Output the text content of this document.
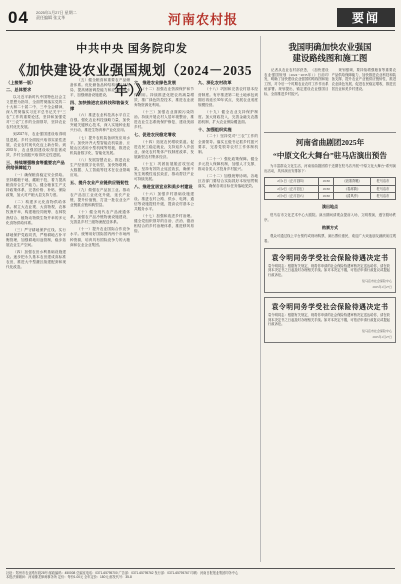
04 2025年1月27日 星期二
责任编辑 张文华	河南农村报	要闻
中共中央 国务院印发
《加快建设农业强国规划（2024－2035年）》
（上接第一版）
二、总体要求

以习近平新时代中国特色社会主义思想为指导，全面贯彻落实党的二十大和二十届二中、三中全会精神，深入贯彻落实习近平总书记关于“三农”工作的重要论述，坚持和加强党对“三农”工作的全面领导，坚持农业农村优先发展。

到2027年，农业强国建设取得明显进展。乡村全面振兴取得实质性进展，农业农村现代化迈上新台阶。到2035年，农业强国建设取得显著成效，乡村全面振兴取得决定性进展。

三、持续增强粮食等重要农产品供给保障能力

（一）确保粮食稳定安全供给。坚持藏粮于地、藏粮于技，着力提高粮食综合生产能力。健全粮食生产支持政策体系，完善价格、补贴、保险政策，加大对产粮大县支持力度。

（二）构建多元化食物供给体系。树立大农业观、大食物观，农林牧渔并举，构建粮经饲统筹、农林牧渔结合、植物动物微生物并举的多元化食物供给体系。

（三）严守耕地保护红线。实行耕地保护党政同责，严格耕地占补平衡管理，加强耕地用途管制，稳步拓展农业生产空间。

（四）加强农田水利基础设施建设。逐步把永久基本农田建成高标准农田，推进大中型灌区续建配套和现代化改造。

（五）健全粮食和重要农产品储备体系。优化储备品种结构和区域布局，提高储备调控能力和应急保障水平，加强储备设施建设。

四、加快推进农业科技和装备支撑

（六）推进农业科技高水平自立自强。强化农业科技战略力量，加快突破关键核心技术，深入实施种业振兴行动，推进生物育种产业化应用。

（七）提升农机装备研发应用水平。加快补齐大型智能农机装备、丘陵山区适用小型机械等短板，推进农机装备数字化、智能化发展。

（八）发展智慧农业。推进农业生产经营数字化转型，加快物联网、大数据、人工智能等技术在农业领域应用。

五、提升农业产业链供应链韧性

（九）做强农产品加工业。推动农产品加工业优化升级，延长产业链，提升价值链，打造一批农业全产业链重点链和典型县。

（十）健全现代农产品流通体系。加强农产品冷链物流设施建设，完善县乡村三级物流配送体系。

（十一）提升农业国际合作竞争水平。统筹用好国际国内两个市场两种资源，培育具有国际竞争力的大粮商和农业企业集团。

六、推进农业绿色发展

（十二）加强农业资源保护和节约利用。持续推进化肥农药减量增效，推广绿色防控技术，推进农业废弃物资源化利用。

（十三）加强农业面源污染防治。持续开展农村人居环境整治，推进农业生态系统保护修复，建设美丽乡村。

七、促进农民稳定增收

（十四）拓宽农民增收渠道。促进农民工稳定就业，支持返乡入乡创业，深化农村集体产权制度改革，发展新型农村集体经济。

（十五）巩固拓展脱贫攻坚成果。坚持有效防止返贫致贫，确保不发生规模性返贫致贫，推动帮扶产业可持续发展。

八、推进宜居宜业和美乡村建设

（十六）加强乡村基础设施建设。推进农村公路、供水、电网、通信等设施提档升级，提高农村基本公共服务水平。

（十七）加强和改进乡村治理。健全党组织领导的自治、法治、德治相结合的乡村治理体系，推进移风易俗。

九、深化农村改革

（十八）巩固和完善农村基本经营制度。有序推进第二轮土地承包到期后再延长30年试点，发展农业适度规模经营。

（十九）健全农业支持保护制度。加大财政投入，完善金融支农激励机制，扩大农业保险覆盖面。

十、加强组织实施

（二十）坚持党对“三农”工作的全面领导。落实五级书记抓乡村振兴要求，完善党领导农村工作体制机制。

（二十一）强化政策保障。健全多元投入保障机制，加强人才支撑，推动各类人才投身乡村振兴。

（二十二）加强统筹协调。各地区各部门要结合实际抓好本规划贯彻落实，确保各项目标任务落地见效。

我国明确加快农业强国
建设路线图和施工图

记者从农业农村部获悉，《加快建设农业强国规划（2024－2035年）》日前印发，明确了加快建设农业强国的路线图和施工图，对今后一个时期农业农村工作作出系统部署。规划提出，锚定建设农业强国目标，全面推进乡村振兴。

规划强调，要持续增强粮食等重要农产品供给保障能力，加快推进农业科技和装备支撑，提升农业产业链供应链韧性，推进农业绿色发展，促进农民稳定增收，推进宜居宜业和美乡村建设。

河南省曲剧团2025年
“中原文化大舞台”驻马店演出预告

为丰富群众文化生活，河南省曲剧团将于近期在驻马店开展“中原文化大舞台”系列演出活动，具体演出安排如下：

2月1日（正月初四）	19:30	《寇准背靴》	驻马店市
2月2日（正月初五）	19:30	《卷席筒》	驻马店市
2月3日（正月初六）	19:30	《清风亭》	驻马店市
演出地点

驻马店市文化艺术中心大剧院。演出期间请观众提前入场，文明观演，遵守剧场秩序。

购票方式

观众可通过线上平台预约或现场购票，演出票价惠民，欢迎广大戏迷朋友踊跃前往观看。

袁令明同务学受社会保险待遇决定书
袁令明同志：根据有关规定，现将你申请的社会保险待遇审核决定送达给你，请在收到本决定书之日起及时办理相关手续。如对本决定不服，可依法申请行政复议或提起行政诉讼。
驻马店市社会保险中心
2025年1月27日
袁令明同务学受社会保险待遇决定书
袁令明同志：根据有关规定，现将你申请的社会保险待遇审核决定送达给你，请在收到本决定书之日起及时办理相关手续。如对本决定不服，可依法申请行政复议或提起行政诉讼。
驻马店市社会保险中心
2025年1月27日
社址：郑州市农业路东段28号 邮政编码：450008 总编室电话：0371-65795700 广告部：0371-65795762 发行部：0371-65795767 印刷：河南日报报业集团印务中心
本报法律顾问：河南豫龙律师事务所 定价：每份1.00元 全年定价：180元 邮发代号：35-8
